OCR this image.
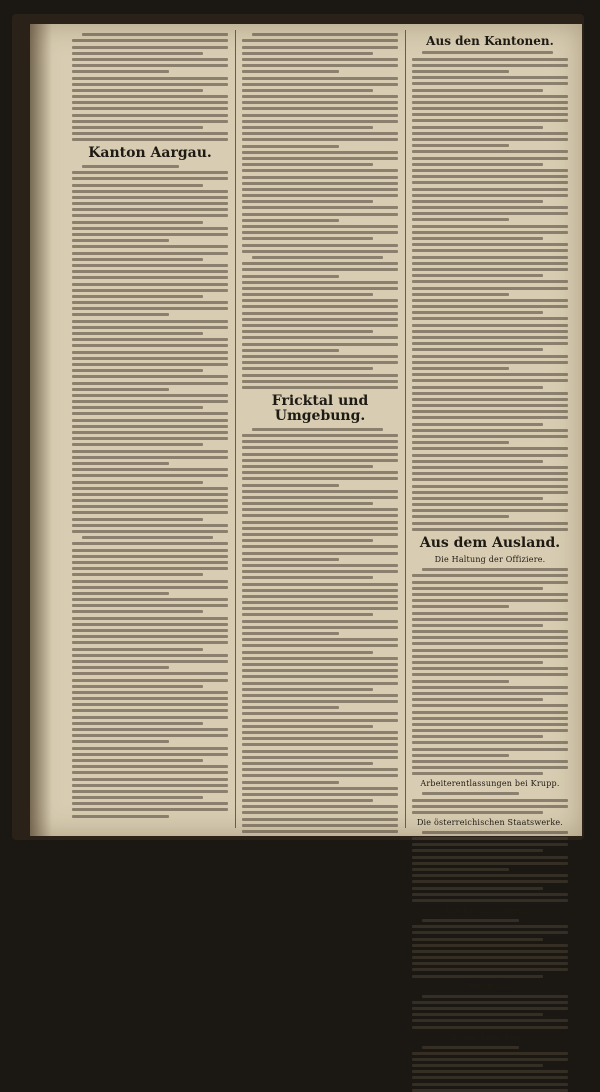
Kanton Aargau.
Fricktal und Umgebung.
Aus den Kantonen.
Aus dem Ausland.
Die Haltung der Offiziere.
Arbeiterentlassungen bei Krupp.
Die österreichischen Staatswerke.
Die Kriegsbeutezahl.
Arbeitslose.
Wilson beim Papst.
